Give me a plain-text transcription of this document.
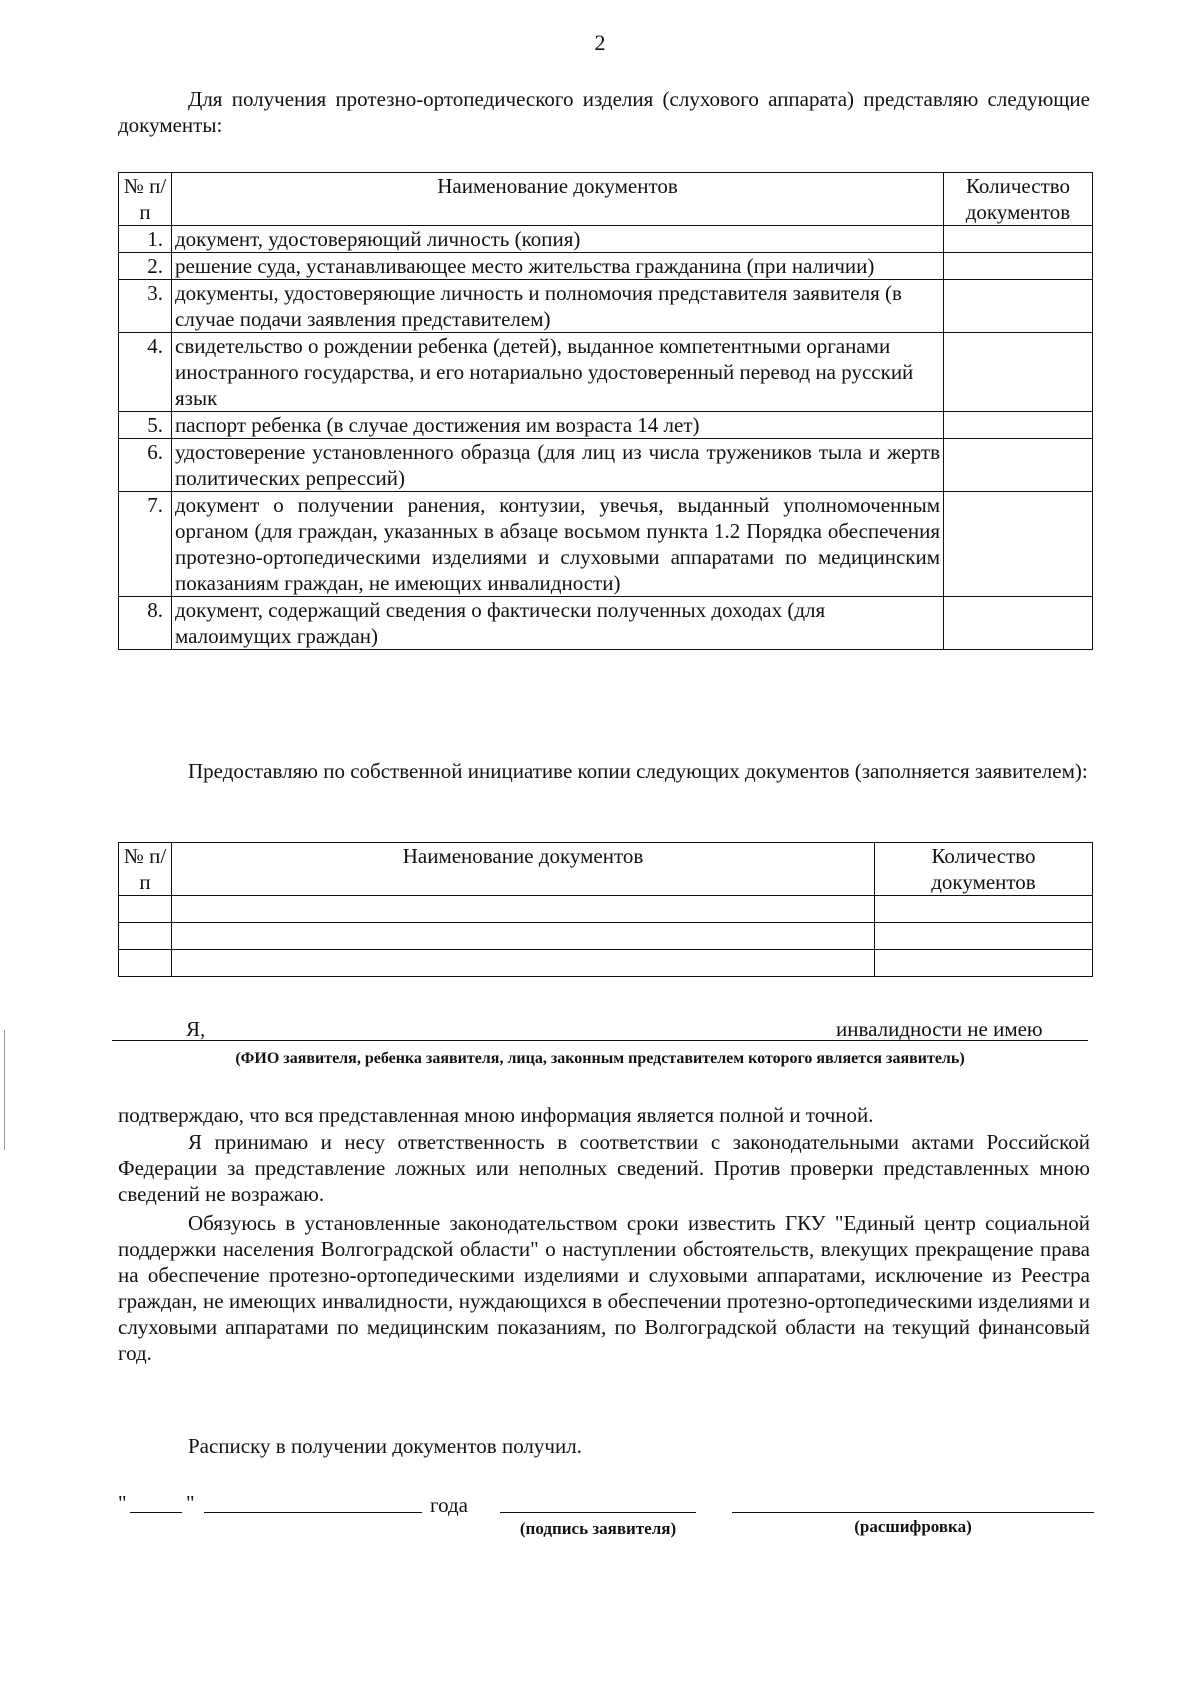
2
Для получения протезно-ортопедического изделия (слухового аппарата) представляю следующие документы:
№ п/п	Наименование документов	Количество документов
1.	документ, удостоверяющий личность (копия)	
2.	решение суда, устанавливающее место жительства гражданина (при наличии)	
3.	документы, удостоверяющие личность и полномочия представителя заявителя (в случае подачи заявления представителем)	
4.	свидетельство о рождении ребенка (детей), выданное компетентными органами иностранного государства, и его нотариально удостоверенный перевод на русский язык	
5.	паспорт ребенка (в случае достижения им возраста 14 лет)	
6.	удостоверение установленного образца (для лиц из числа тружеников тыла и жертв политических репрессий)	
7.	документ о получении ранения, контузии, увечья, выданный уполномоченным органом (для граждан, указанных в абзаце восьмом пункта 1.2 Порядка обеспечения протезно-ортопедическими изделиями и слуховыми аппаратами по медицинским показаниям граждан, не имеющих инвалидности)	
8.	документ, содержащий сведения о фактически полученных доходах (для малоимущих граждан)	
Предоставляю по собственной инициативе копии следующих документов (заполняется заявителем):
№ п/п	Наименование документов	Количество документов

Я,	инвалидности не имею
(ФИО заявителя, ребенка заявителя, лица, законным представителем которого является заявитель)
подтверждаю, что вся представленная мною информация является полной и точной.
Я принимаю и несу ответственность в соответствии с законодательными актами Российской Федерации за представление ложных или неполных сведений. Против проверки представленных мною сведений не возражаю.
Обязуюсь в установленные законодательством сроки известить ГКУ "Единый центр социальной поддержки населения Волгоградской области" о наступлении обстоятельств, влекущих прекращение права на обеспечение протезно-ортопедическими изделиями и слуховыми аппаратами, исключение из Реестра граждан, не имеющих инвалидности, нуждающихся в обеспечении протезно-ортопедическими изделиями и слуховыми аппаратами по медицинским показаниям, по Волгоградской области на текущий финансовый год.
Расписку в получении документов получил.
"	"	года
(подпись заявителя)	(расшифровка)
